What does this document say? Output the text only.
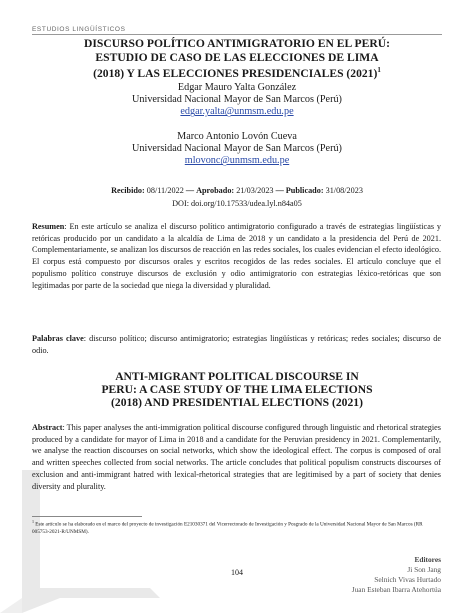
ESTUDIOS LINGÜÍSTICOS
DISCURSO POLÍTICO ANTIMIGRATORIO EN EL PERÚ:
ESTUDIO DE CASO DE LAS ELECCIONES DE LIMA
(2018) Y LAS ELECCIONES PRESIDENCIALES $(2021)^1$
Edgar Mauro Yalta González
Universidad Nacional Mayor de San Marcos (Perú)
edgar.yalta@unmsm.edu.pe
Marco Antonio Lovón Cueva
Universidad Nacional Mayor de San Marcos (Perú)
mlovonc@unmsm.edu.pe
Recibido: 08/11/2022 — Aprobado: 21/03/2023 — Publicado: 31/08/2023
DOI: doi.org/10.17533/udea.lyl.n84a05
Resumen: En este artículo se analiza el discurso político antimigratorio configurado a través de estrategias lingüísticas y retóricas producido por un candidato a la alcaldía de Lima de 2018 y un candidato a la presidencia del Perú de 2021. Complementariamente, se analizan los discursos de reacción en las redes sociales, los cuales evidencian el efecto ideológico. El corpus está compuesto por discursos orales y escritos recogidos de las redes sociales. El artículo concluye que el populismo político construye discursos de exclusión y odio antimigratorio con estrategias léxico-retóricas que son legitimadas por parte de la sociedad que niega la diversidad y pluralidad.
Palabras clave: discurso político; discurso antimigratorio; estrategias lingüísticas y retóricas; redes sociales; discurso de odio.
ANTI-MIGRANT POLITICAL DISCOURSE IN
PERU: A CASE STUDY OF THE LIMA ELECTIONS
(2018) AND PRESIDENTIAL ELECTIONS (2021)
Abstract: This paper analyses the anti-immigration political discourse configured through linguistic and rhetorical strategies produced by a candidate for mayor of Lima in 2018 and a candidate for the Peruvian presidency in 2021. Complementarily, we analyse the reaction discourses on social networks, which show the ideological effect. The corpus is composed of oral and written speeches collected from social networks. The article concludes that political populism constructs discourses of exclusion and anti-immigrant hatred with lexical-rhetorical strategies that are legitimised by a part of society that denies diversity and plurality.
$^1$ Este artículo se ha elaborado en el marco del proyecto de investigación E21030371 del Vicerrectorado de Investigación y Posgrado de la Universidad Nacional Mayor de San Marcos (RR 005753-2021-R/UNMSM).
104
Editores
Ji Son Jang
Selnich Vivas Hurtado
Juan Esteban Ibarra Atehortúa
